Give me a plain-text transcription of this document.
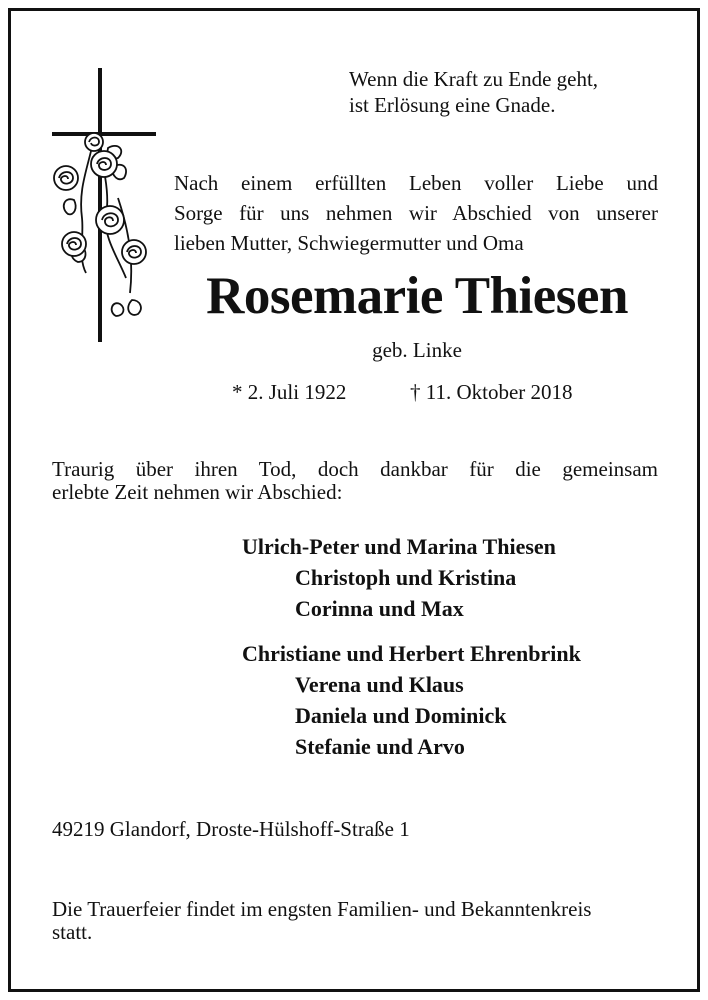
Wenn die Kraft zu Ende geht,
ist Erlösung eine Gnade.
Nach einem erfüllten Leben voller Liebe und
Sorge für uns nehmen wir Abschied von unserer
lieben Mutter, Schwiegermutter und Oma
Rosemarie Thiesen
geb. Linke
* 2. Juli 1922	† 11. Oktober 2018
Traurig über ihren Tod, doch dankbar für die gemeinsam
erlebte Zeit nehmen wir Abschied:
Ulrich-Peter und Marina Thiesen
Christoph und Kristina
Corinna und Max
Christiane und Herbert Ehrenbrink
Verena und Klaus
Daniela und Dominick
Stefanie und Arvo
49219 Glandorf, Droste-Hülshoff-Straße 1
Die Trauerfeier findet im engsten Familien- und Bekanntenkreis
statt.
